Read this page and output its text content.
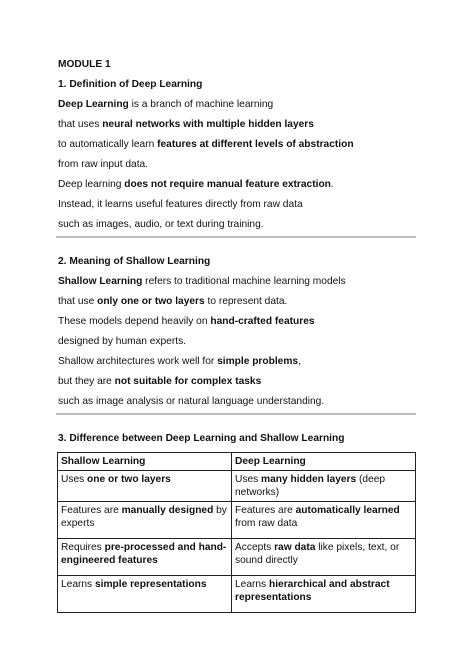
MODULE 1
1. Definition of Deep Learning
Deep Learning is a branch of machine learning
that uses neural networks with multiple hidden layers
to automatically learn features at different levels of abstraction
from raw input data.
Deep learning does not require manual feature extraction.
Instead, it learns useful features directly from raw data
such as images, audio, or text during training.
2. Meaning of Shallow Learning
Shallow Learning refers to traditional machine learning models
that use only one or two layers to represent data.
These models depend heavily on hand-crafted features
designed by human experts.
Shallow architectures work well for simple problems,
but they are not suitable for complex tasks
such as image analysis or natural language understanding.
3. Difference between Deep Learning and Shallow Learning
Shallow Learning	Deep Learning
Uses one or two layers	Uses many hidden layers (deep networks)
Features are manually designed by experts	Features are automatically learned from raw data
Requires pre-processed and hand-engineered features	Accepts raw data like pixels, text, or sound directly
Learns simple representations	Learns hierarchical and abstract representations
